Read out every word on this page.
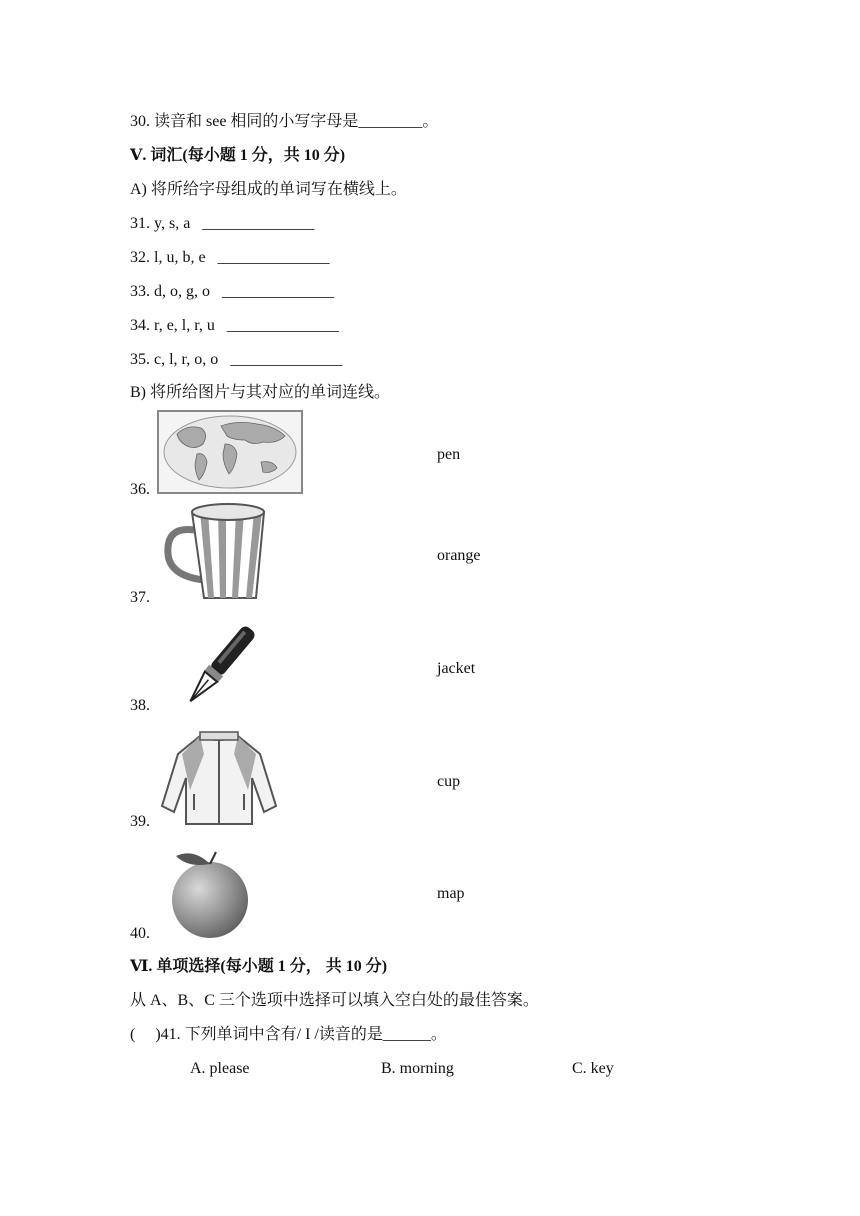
30. 读音和 see 相同的小写字母是________。
Ⅴ. 词汇(每小题 1 分，共 10 分)
A) 将所给字母组成的单词写在横线上。
31. y, s, a   ______________
32. l, u, b, e   ______________
33. d, o, g, o   ______________
34. r, e, l, r, u   ______________
35. c, l, r, o, o   ______________
B) 将所给图片与其对应的单词连线。
36.
pen
37.
orange
38.
jacket
39.
cup
40.
map
Ⅵ. 单项选择(每小题 1 分， 共 10 分)
从 A、B、C 三个选项中选择可以填入空白处的最佳答案。
(     )41. 下列单词中含有/ I /读音的是______。
A. please	B. morning	C. key
